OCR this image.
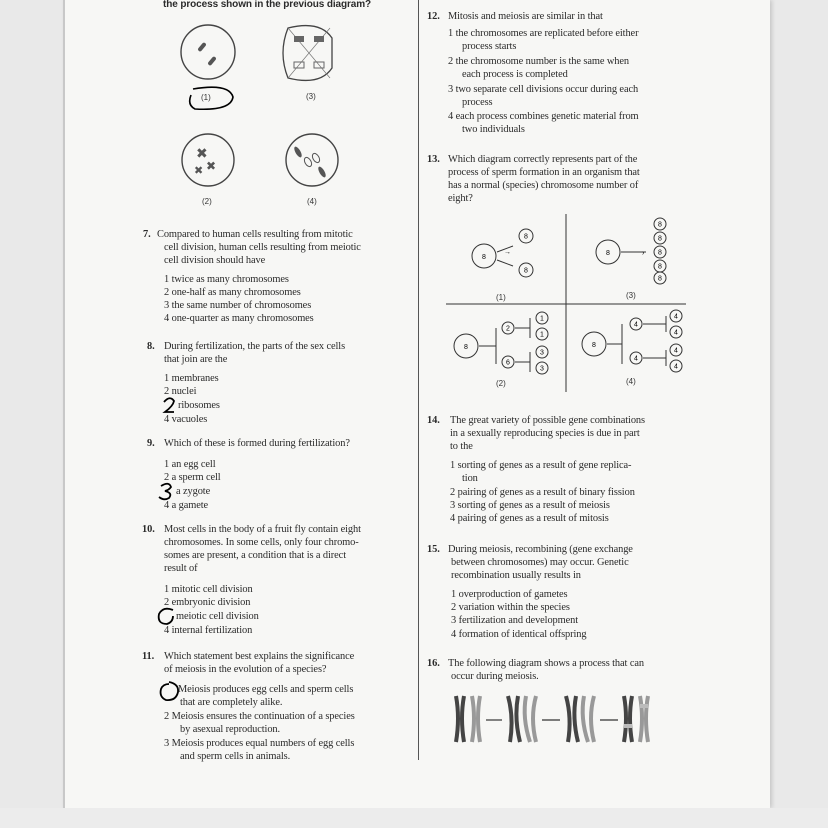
the process shown in the previous diagram?
✖
✖
✖
(1)	(3)
(2)	(4)
7. Compared to human cells resulting from mitotic
cell division, human cells resulting from meiotic
cell division should have
1 twice as many chromosomes
2 one-half as many chromosomes
3 the same number of chromosomes
4 one-quarter as many chromosomes
8. During fertilization, the parts of the sex cells
that join are the
1 membranes
2 nuclei
ribosomes
4 vacuoles
9. Which of these is formed during fertilization?
1 an egg cell
2 a sperm cell
a zygote
4 a gamete
10. Most cells in the body of a fruit fly contain eight
chromosomes. In some cells, only four chromo-
somes are present, a condition that is a direct
result of
1 mitotic cell division
2 embryonic division
meiotic cell division
4 internal fertilization
11. Which statement best explains the significance
of meiosis in the evolution of a species?
Meiosis produces egg cells and sperm cells
that are completely alike.
2 Meiosis ensures the continuation of a species
by asexual reproduction.
3 Meiosis produces equal numbers of egg cells
and sperm cells in animals.
12. Mitosis and meiosis are similar in that
1 the chromosomes are replicated before either
process starts
2 the chromosome number is the same when
each process is completed
3 two separate cell divisions occur during each
process
4 each process combines genetic material from
two individuals
13. Which diagram correctly represents part of the
process of sperm formation in an organism that
has a normal (species) chromosome number of
eight?
8
→
8
8
8	›
8
8
8
8
8
8
2
6
1
1
3
3
8
4
4
4
4
4
4
(1)	(3)
(2)	(4)
14. The great variety of possible gene combinations
in a sexually reproducing species is due in part
to the
1 sorting of genes as a result of gene replica-
tion
2 pairing of genes as a result of binary fission
3 sorting of genes as a result of meiosis
4 pairing of genes as a result of mitosis
15. During meiosis, recombining (gene exchange
between chromosomes) may occur. Genetic
recombination usually results in
1 overproduction of gametes
2 variation within the species
3 fertilization and development
4 formation of identical offspring
16. The following diagram shows a process that can
occur during meiosis.
